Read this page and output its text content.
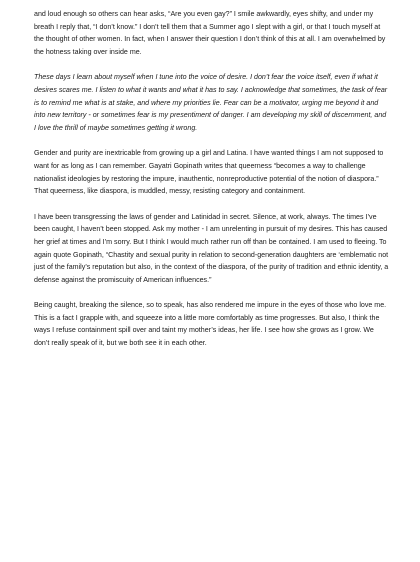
and loud enough so others can hear asks, “Are you even gay?” I smile awkwardly, eyes shifty, and under my breath I reply that, “I don’t know.” I don’t tell them that a Summer ago I slept with a girl, or that I touch myself at the thought of other women. In fact, when I answer their question I don’t think of this at all. I am overwhelmed by the hotness taking over inside me.

These days I learn about myself when I tune into the voice of desire. I don’t fear the voice itself, even if what it desires scares me. I listen to what it wants and what it has to say. I acknowledge that sometimes, the task of fear is to remind me what is at stake, and where my priorities lie. Fear can be a motivator, urging me beyond it and into new territory - or sometimes fear is my presentiment of danger. I am developing my skill of discernment, and I love the thrill of maybe sometimes getting it wrong.

Gender and purity are inextricable from growing up a girl and Latina. I have wanted things I am not supposed to want for as long as I can remember. Gayatri Gopinath writes that queerness “becomes a way to challenge nationalist ideologies by restoring the impure, inauthentic, nonreproductive potential of the notion of diaspora.” That queerness, like diaspora, is muddled, messy, resisting category and containment.

I have been transgressing the laws of gender and Latinidad in secret. Silence, at work, always. The times I’ve been caught, I haven’t been stopped. Ask my mother - I am unrelenting in pursuit of my desires. This has caused her grief at times and I’m sorry. But I think I would much rather run off than be contained. I am used to fleeing. To again quote Gopinath, “Chastity and sexual purity in relation to second-generation daughters are ‘emblematic not just of the family’s reputation but also, in the context of the diaspora, of the purity of tradition and ethnic identity, a defense against the promiscuity of American influences.”

Being caught, breaking the silence, so to speak, has also rendered me impure in the eyes of those who love me. This is a fact I grapple with, and squeeze into a little more comfortably as time progresses. But also, I think the ways I refuse containment spill over and taint my mother’s ideas, her life. I see how she grows as I grow. We don’t really speak of it, but we both see it in each other.
